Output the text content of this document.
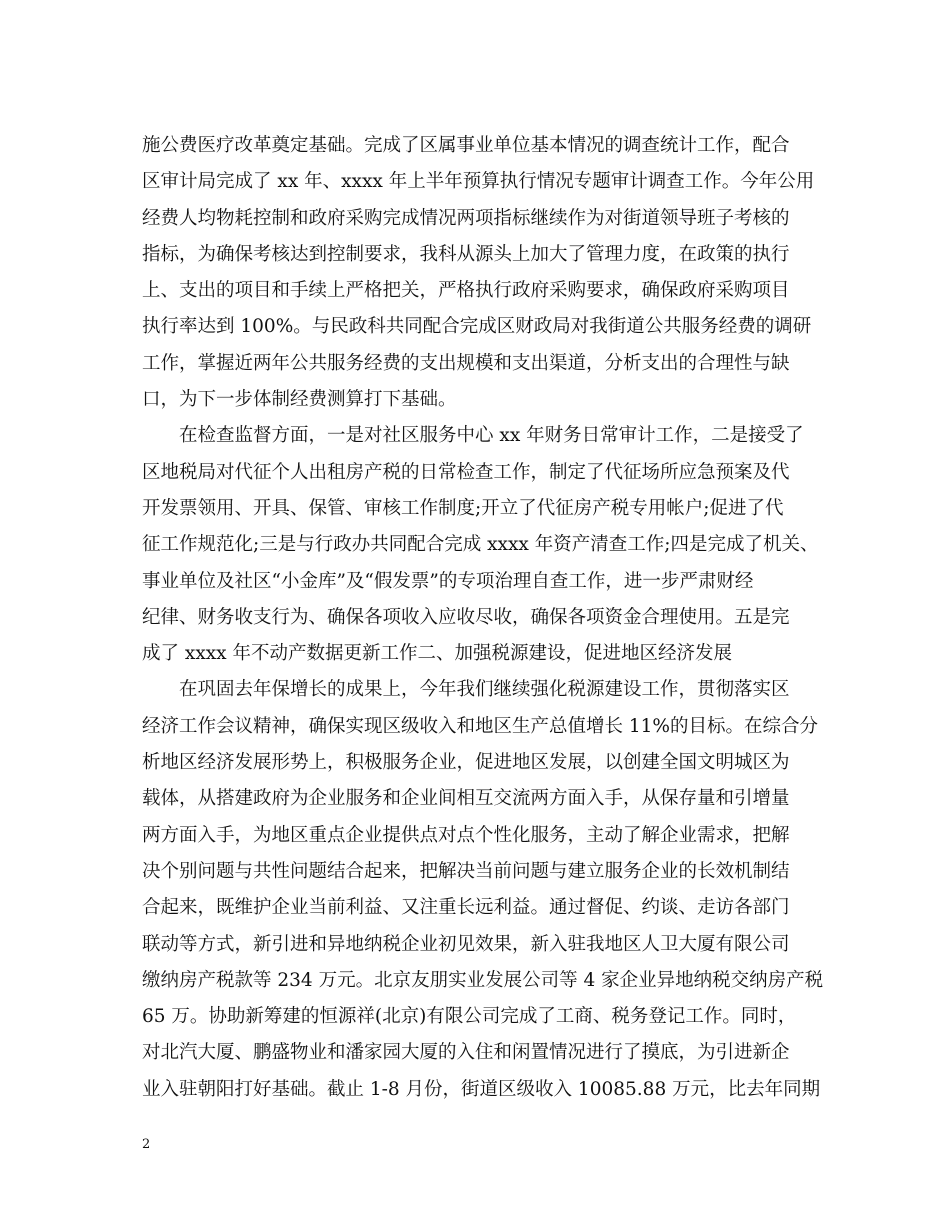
施公费医疗改革奠定基础。完成了区属事业单位基本情况的调查统计工作，配合
区审计局完成了 xx 年、xxxx 年上半年预算执行情况专题审计调查工作。今年公用
经费人均物耗控制和政府采购完成情况两项指标继续作为对街道领导班子考核的
指标，为确保考核达到控制要求，我科从源头上加大了管理力度，在政策的执行
上、支出的项目和手续上严格把关，严格执行政府采购要求，确保政府采购项目
执行率达到 100%。与民政科共同配合完成区财政局对我街道公共服务经费的调研
工作，掌握近两年公共服务经费的支出规模和支出渠道，分析支出的合理性与缺
口，为下一步体制经费测算打下基础。
　　在检查监督方面，一是对社区服务中心 xx 年财务日常审计工作，二是接受了
区地税局对代征个人出租房产税的日常检查工作，制定了代征场所应急预案及代
开发票领用、开具、保管、审核工作制度;开立了代征房产税专用帐户;促进了代
征工作规范化;三是与行政办共同配合完成 xxxx 年资产清查工作;四是完成了机关、
事业单位及社区“小金库”及“假发票”的专项治理自查工作，进一步严肃财经
纪律、财务收支行为、确保各项收入应收尽收，确保各项资金合理使用。五是完
成了 xxxx 年不动产数据更新工作二、加强税源建设，促进地区经济发展
　　在巩固去年保增长的成果上，今年我们继续强化税源建设工作，贯彻落实区
经济工作会议精神，确保实现区级收入和地区生产总值增长 11%的目标。在综合分
析地区经济发展形势上，积极服务企业，促进地区发展，以创建全国文明城区为
载体，从搭建政府为企业服务和企业间相互交流两方面入手，从保存量和引增量
两方面入手，为地区重点企业提供点对点个性化服务，主动了解企业需求，把解
决个别问题与共性问题结合起来，把解决当前问题与建立服务企业的长效机制结
合起来，既维护企业当前利益、又注重长远利益。通过督促、约谈、走访各部门
联动等方式，新引进和异地纳税企业初见效果，新入驻我地区人卫大厦有限公司
缴纳房产税款等 234 万元。北京友朋实业发展公司等 4 家企业异地纳税交纳房产税
65 万。协助新筹建的恒源祥(北京)有限公司完成了工商、税务登记工作。同时，
对北汽大厦、鹏盛物业和潘家园大厦的入住和闲置情况进行了摸底，为引进新企
业入驻朝阳打好基础。截止 1-8 月份，街道区级收入 10085.88 万元，比去年同期
2
